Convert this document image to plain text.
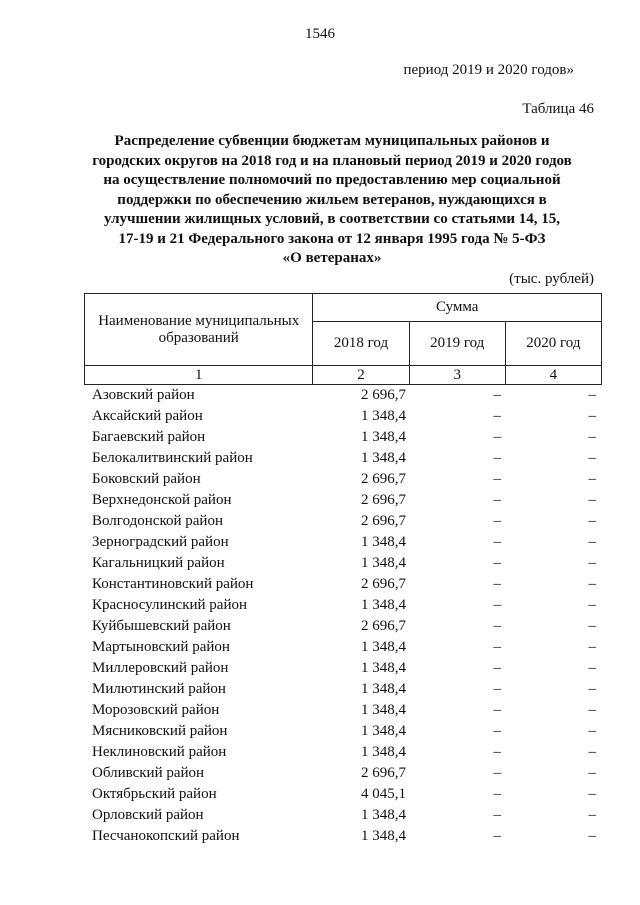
1546
период 2019 и 2020 годов»
Таблица 46
Распределение субвенции бюджетам муниципальных районов и
городских округов на 2018 год и на плановый период 2019 и 2020 годов
на осуществление полномочий по предоставлению мер социальной
поддержки по обеспечению жильем ветеранов, нуждающихся в
улучшении жилищных условий, в соответствии со статьями 14, 15,
17-19 и 21 Федерального закона от 12 января 1995 года № 5-ФЗ
«О ветеранах»
(тыс. рублей)
Наименование муниципальных
образований	Сумма		
	2018 год	2019 год	2020 год
1	2	3	4
Азовский район	2 696,7	–	–
Аксайский район	1 348,4	–	–
Багаевский район	1 348,4	–	–
Белокалитвинский район	1 348,4	–	–
Боковский район	2 696,7	–	–
Верхнедонской район	2 696,7	–	–
Волгодонской район	2 696,7	–	–
Зерноградский район	1 348,4	–	–
Кагальницкий район	1 348,4	–	–
Константиновский район	2 696,7	–	–
Красносулинский район	1 348,4	–	–
Куйбышевский район	2 696,7	–	–
Мартыновский район	1 348,4	–	–
Миллеровский район	1 348,4	–	–
Милютинский район	1 348,4	–	–
Морозовский район	1 348,4	–	–
Мясниковский район	1 348,4	–	–
Неклиновский район	1 348,4	–	–
Обливский район	2 696,7	–	–
Октябрьский район	4 045,1	–	–
Орловский район	1 348,4	–	–
Песчанокопский район	1 348,4	–	–
